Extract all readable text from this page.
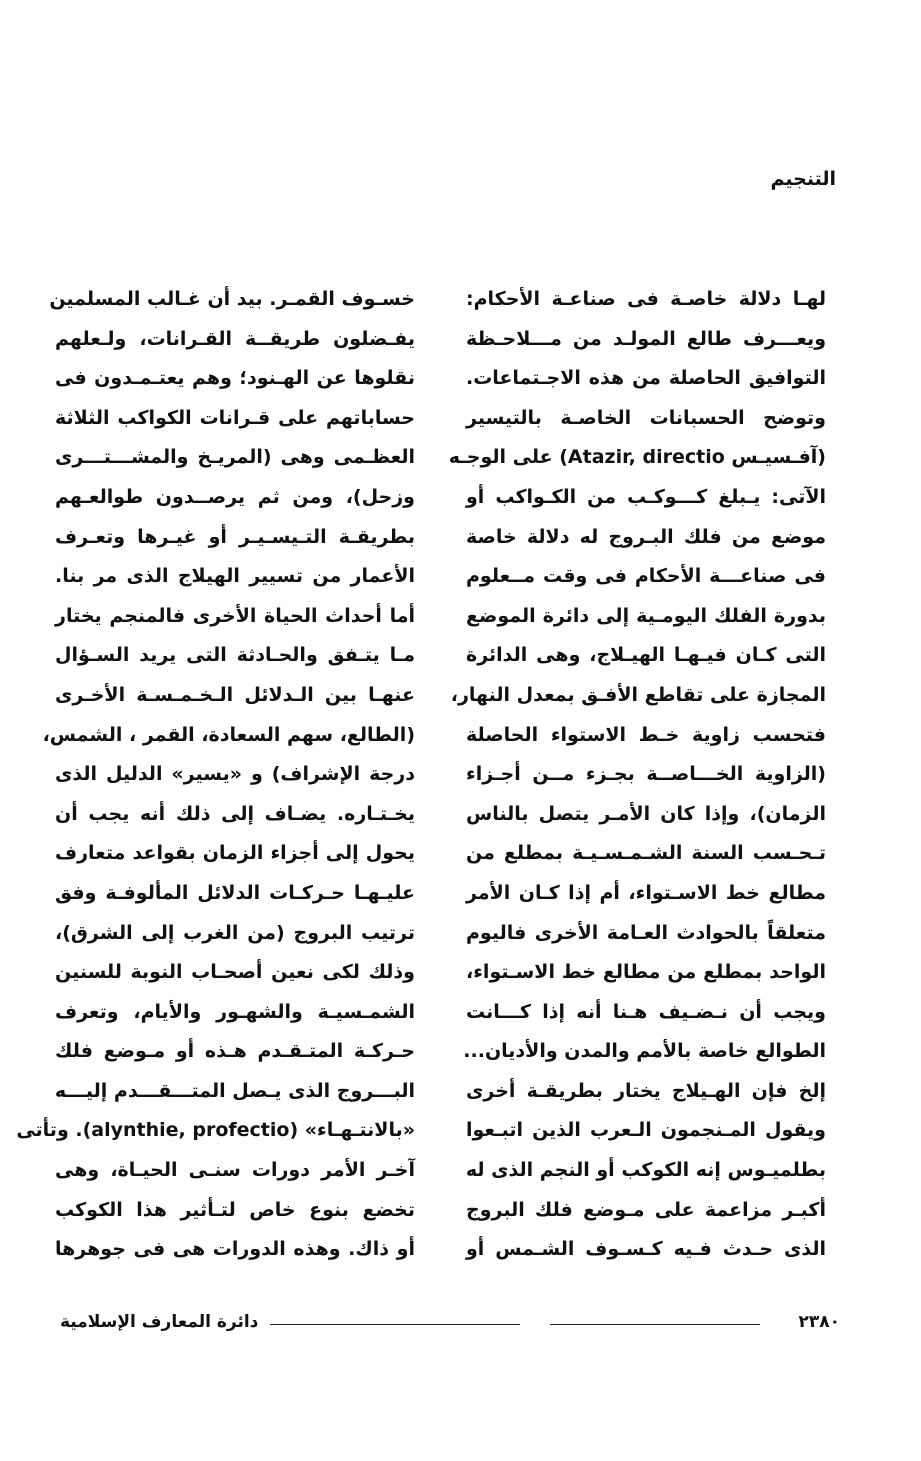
التنجيم
لهـا دلالة خاصـة فى صناعـة الأحكام:
ويعـــرف طالع المولـد من مـــلاحـظة
التوافيق الحاصلة من هذه الاجـتماعات.
وتوضح الحسبانات الخاصـة بالتيسير
(آفـسيـس Atazir, directio) على الوجـه
الآتى: يـبلغ كـــوكـب من الكـواكب أو
موضع من فلك البـروج له دلالة خاصة
فى صناعـــة الأحكام فى وقت مــعلوم
بدورة الفلك اليومـية إلى دائرة الموضع
التى كـان فيـهـا الهيـلاج، وهى الدائرة
المجازة على تقاطع الأفـق بمعدل النهار،
فتحسب زاوية خـط الاستواء الحاصلة
(الزاوية الخـــاصــة بجـزء مــن أجـزاء
الزمان)، وإذا كان الأمـر يتصل بالناس
تـحـسب السنة الشـمـسـيـة بمطلع من
مطالع خط الاسـتواء، أم إذا كـان الأمر
متعلقاً بالحوادث العـامة الأخرى فاليوم
الواحد بمطلع من مطالع خط الاسـتواء،
ويجب أن نـضـيف هـنا أنه إذا كـــانت
الطوالع خاصة بالأمم والمدن والأديان...
إلخ فإن الهـيلاج يختار بطريقـة أخرى
ويقول المـنجمون الـعرب الذين اتبـعوا
بطلميـوس إنه الكوكب أو النجم الذى له
أكبـر مزاعمة على مـوضع فلك البروج
الذى حـدث فـيه كـسـوف الشـمس أو
خسـوف القمـر. بيد أن غـالب المسلمين
يفـضلون طريقــة القـرانات، ولـعلهم
نقلوها عن الهـنود؛ وهم يعتـمـدون فى
حساباتهم على قـرانات الكواكب الثلاثة
العظـمى وهى (المريـخ والمشـــتـــرى
وزحل)، ومن ثم يرصــدون طوالعـهم
بطريقـة التـيسـيـر أو غيـرها وتعـرف
الأعمار من تسيير الهيلاج الذى مر بنا.
أما أحداث الحياة الأخرى فالمنجم يختار
مـا يتـفق والحـادثة التى يريد السـؤال
عنهـا بين الـدلائل الـخـمـسـة الأخـرى
(الطالع، سهم السعادة، القمر ، الشمس،
درجة الإشراف) و «يسير» الدليل الذى
يخـتـاره. يضـاف إلى ذلك أنه يجب أن
يحول إلى أجزاء الزمان بقواعد متعارف
عليـهـا حـركـات الدلائل المألوفـة وفق
ترتيب البروج (من الغرب إلى الشرق)،
وذلك لكى نعين أصحـاب النوبة للسنين
الشمـسيـة والشهـور والأيام، وتعرف
حـركـة المتـقـدم هـذه أو مـوضع فلك
البـــروج الذى يـصل المتـــقـــدم إليـــه
«بالانتـهـاء» (alynthie, profectio). وتأتى
آخـر الأمر دورات سنـى الحيـاة، وهى
تخضع بنوع خاص لتـأثير هذا الكوكب
أو ذاك. وهذه الدورات هى فى جوهرها
٢٣٨٠
دائرة المعارف الإسلامية
